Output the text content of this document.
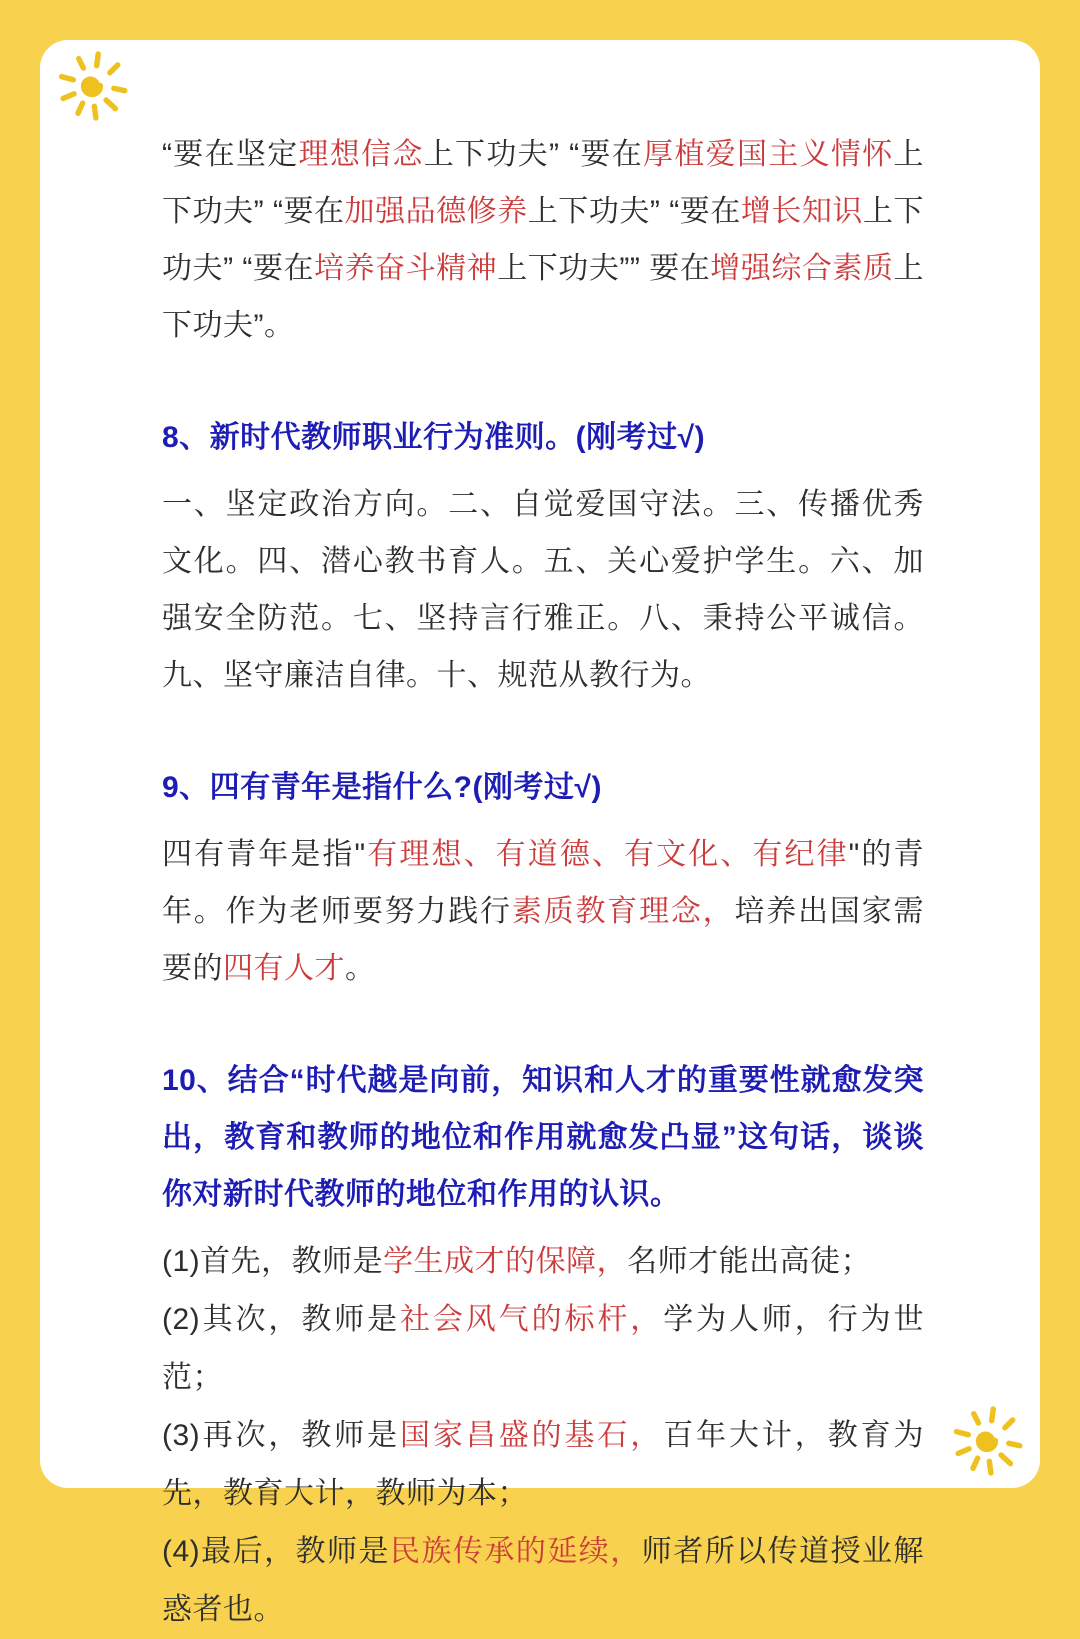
“要在坚定理想信念上下功夫” “要在厚植爱国主义情怀上下功夫” “要在加强品德修养上下功夫” “要在增长知识上下功夫” “要在培养奋斗精神上下功夫”” 要在增强综合素质上下功夫”。

8、新时代教师职业行为准则。(刚考过√)

一、坚定政治方向。二、自觉爱国守法。三、传播优秀文化。四、潜心教书育人。五、关心爱护学生。六、加强安全防范。七、坚持言行雅正。八、秉持公平诚信。九、坚守廉洁自律。十、规范从教行为。

9、四有青年是指什么?(刚考过√)

四有青年是指"有理想、有道德、有文化、有纪律"的青年。作为老师要努力践行素质教育理念，培养出国家需要的四有人才。

10、结合“时代越是向前，知识和人才的重要性就愈发突出，教育和教师的地位和作用就愈发凸显”这句话，谈谈你对新时代教师的地位和作用的认识。

(1)首先，教师是学生成才的保障，名师才能出高徒；

(2)其次，教师是社会风气的标杆，学为人师，行为世范；

(3)再次，教师是国家昌盛的基石，百年大计，教育为先，教育大计，教师为本；

(4)最后，教师是民族传承的延续，师者所以传道授业解惑者也。
